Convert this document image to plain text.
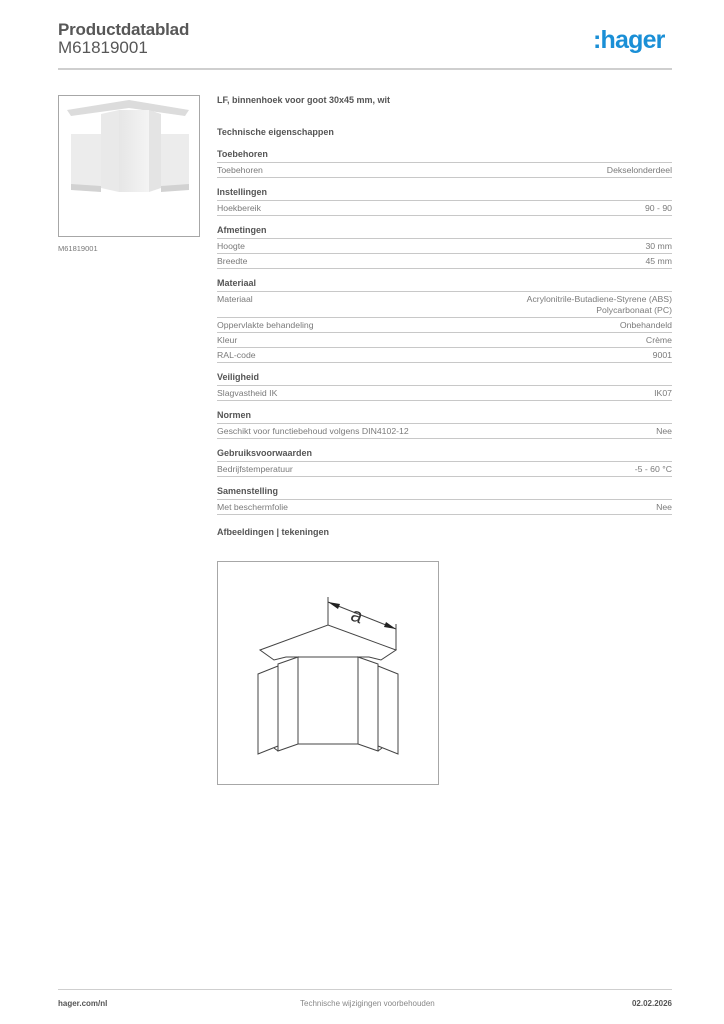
Productdatablad
M61819001	:hager
M61819001
LF, binnenhoek voor goot 30x45 mm, wit
Technische eigenschappen
Toebehoren
Toebehoren	Dekselonderdeel
Instellingen
Hoekbereik	90 - 90
Afmetingen
Hoogte	30 mm
Breedte	45 mm
Materiaal
Materiaal	Acrylonitrile-Butadiene-Styrene (ABS)
Polycarbonaat (PC)
Oppervlakte behandeling	Onbehandeld
Kleur	Crème
RAL-code	9001
Veiligheid
Slagvastheid IK	IK07
Normen
Geschikt voor functiebehoud volgens DIN4102-12	Nee
Gebruiksvoorwaarden
Bedrijfstemperatuur	-5 - 60 °C
Samenstelling
Met beschermfolie	Nee
Afbeeldingen | tekeningen
a
hager.com/nl	Technische wijzigingen voorbehouden	02.02.2026
